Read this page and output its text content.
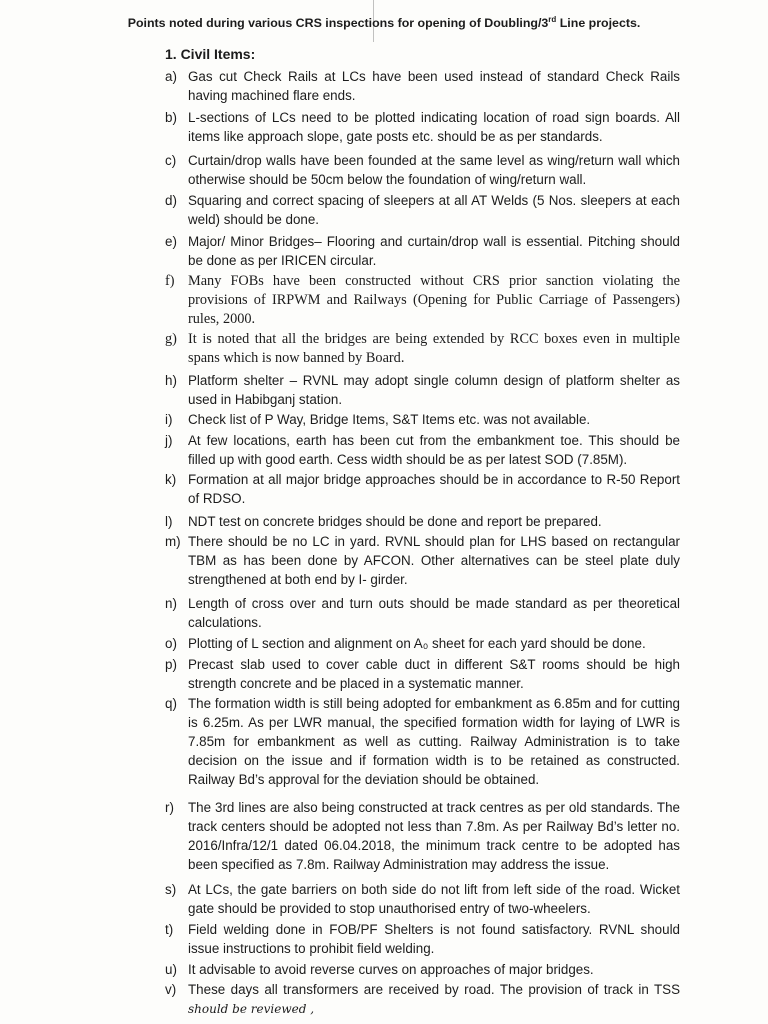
Points noted during various CRS inspections for opening of Doubling/3rd Line projects.
1. Civil Items:
a) Gas cut Check Rails at LCs have been used instead of standard Check Rails having machined flare ends.
b) L-sections of LCs need to be plotted indicating location of road sign boards. All items like approach slope, gate posts etc. should be as per standards.
c) Curtain/drop walls have been founded at the same level as wing/return wall which otherwise should be 50cm below the foundation of wing/return wall.
d) Squaring and correct spacing of sleepers at all AT Welds (5 Nos. sleepers at each weld) should be done.
e) Major/ Minor Bridges– Flooring and curtain/drop wall is essential. Pitching should be done as per IRICEN circular.
f) Many FOBs have been constructed without CRS prior sanction violating the provisions of IRPWM and Railways (Opening for Public Carriage of Passengers) rules, 2000.
g) It is noted that all the bridges are being extended by RCC boxes even in multiple spans which is now banned by Board.
h) Platform shelter – RVNL may adopt single column design of platform shelter as used in Habibganj station.
i) Check list of P Way, Bridge Items, S&T Items etc. was not available.
j) At few locations, earth has been cut from the embankment toe. This should be filled up with good earth. Cess width should be as per latest SOD (7.85M).
k) Formation at all major bridge approaches should be in accordance to R-50 Report of RDSO.
l) NDT test on concrete bridges should be done and report be prepared.
m) There should be no LC in yard. RVNL should plan for LHS based on rectangular TBM as has been done by AFCON. Other alternatives can be steel plate duly strengthened at both end by I- girder.
n) Length of cross over and turn outs should be made standard as per theoretical calculations.
o) Plotting of L section and alignment on A₀ sheet for each yard should be done.
p) Precast slab used to cover cable duct in different S&T rooms should be high strength concrete and be placed in a systematic manner.
q) The formation width is still being adopted for embankment as 6.85m and for cutting is 6.25m. As per LWR manual, the specified formation width for laying of LWR is 7.85m for embankment as well as cutting. Railway Administration is to take decision on the issue and if formation width is to be retained as constructed. Railway Bd’s approval for the deviation should be obtained.
r) The 3rd lines are also being constructed at track centres as per old standards. The track centers should be adopted not less than 7.8m. As per Railway Bd’s letter no. 2016/Infra/12/1 dated 06.04.2018, the minimum track centre to be adopted has been specified as 7.8m. Railway Administration may address the issue.
s) At LCs, the gate barriers on both side do not lift from left side of the road. Wicket gate should be provided to stop unauthorised entry of two-wheelers.
t) Field welding done in FOB/PF Shelters is not found satisfactory. RVNL should issue instructions to prohibit field welding.
u) It advisable to avoid reverse curves on approaches of major bridges.
v) These days all transformers are received by road. The provision of track in TSS should be reviewed ,
